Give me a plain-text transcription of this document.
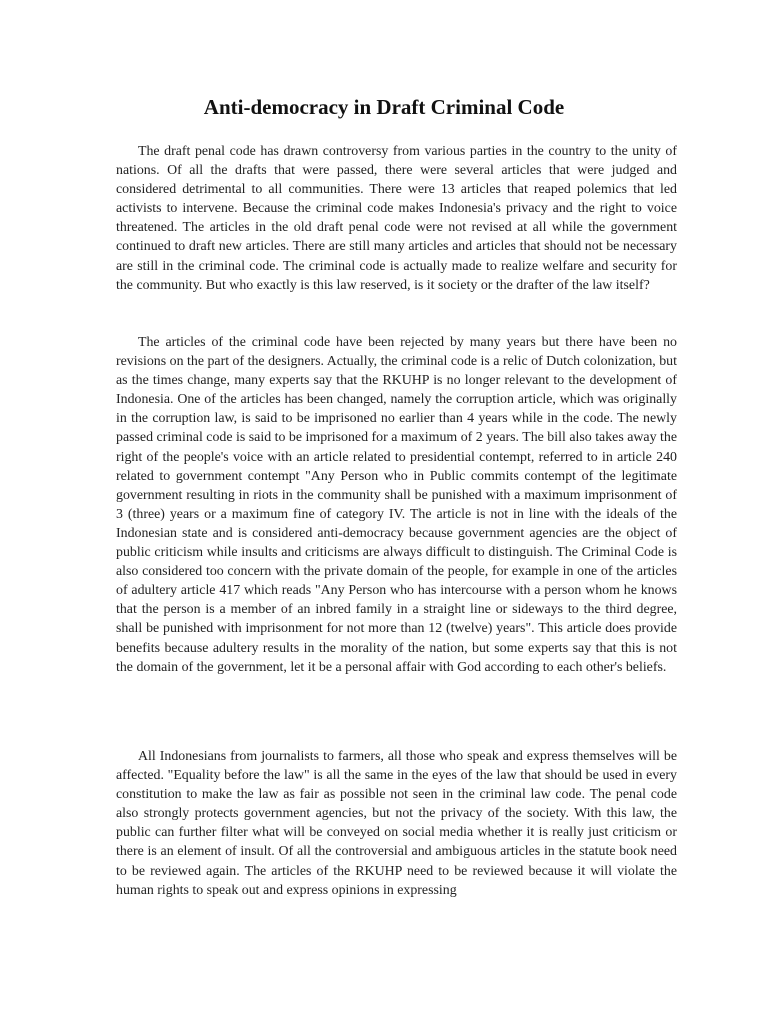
Anti-democracy in Draft Criminal Code

The draft penal code has drawn controversy from various parties in the country to the unity of nations. Of all the drafts that were passed, there were several articles that were judged and considered detrimental to all communities. There were 13 articles that reaped polemics that led activists to intervene. Because the criminal code makes Indonesia's privacy and the right to voice threatened. The articles in the old draft penal code were not revised at all while the government continued to draft new articles. There are still many articles and articles that should not be necessary are still in the criminal code. The criminal code is actually made to realize welfare and security for the community. But who exactly is this law reserved, is it society or the drafter of the law itself?

The articles of the criminal code have been rejected by many years but there have been no revisions on the part of the designers. Actually, the criminal code is a relic of Dutch colonization, but as the times change, many experts say that the RKUHP is no longer relevant to the development of Indonesia. One of the articles has been changed, namely the corruption article, which was originally in the corruption law, is said to be imprisoned no earlier than 4 years while in the code. The newly passed criminal code is said to be imprisoned for a maximum of 2 years. The bill also takes away the right of the people's voice with an article related to presidential contempt, referred to in article 240 related to government contempt "Any Person who in Public commits contempt of the legitimate government resulting in riots in the community shall be punished with a maximum imprisonment of 3 (three) years or a maximum fine of category IV. The article is not in line with the ideals of the Indonesian state and is considered anti-democracy because government agencies are the object of public criticism while insults and criticisms are always difficult to distinguish. The Criminal Code is also considered too concern with the private domain of the people, for example in one of the articles of adultery article 417 which reads "Any Person who has intercourse with a person whom he knows that the person is a member of an inbred family in a straight line or sideways to the third degree, shall be punished with imprisonment for not more than 12 (twelve) years". This article does provide benefits because adultery results in the morality of the nation, but some experts say that this is not the domain of the government, let it be a personal affair with God according to each other's beliefs.

All Indonesians from journalists to farmers, all those who speak and express themselves will be affected. "Equality before the law" is all the same in the eyes of the law that should be used in every constitution to make the law as fair as possible not seen in the criminal law code. The penal code also strongly protects government agencies, but not the privacy of the society. With this law, the public can further filter what will be conveyed on social media whether it is really just criticism or there is an element of insult. Of all the controversial and ambiguous articles in the statute book need to be reviewed again. The articles of the RKUHP need to be reviewed because it will violate the human rights to speak out and express opinions in expressing
